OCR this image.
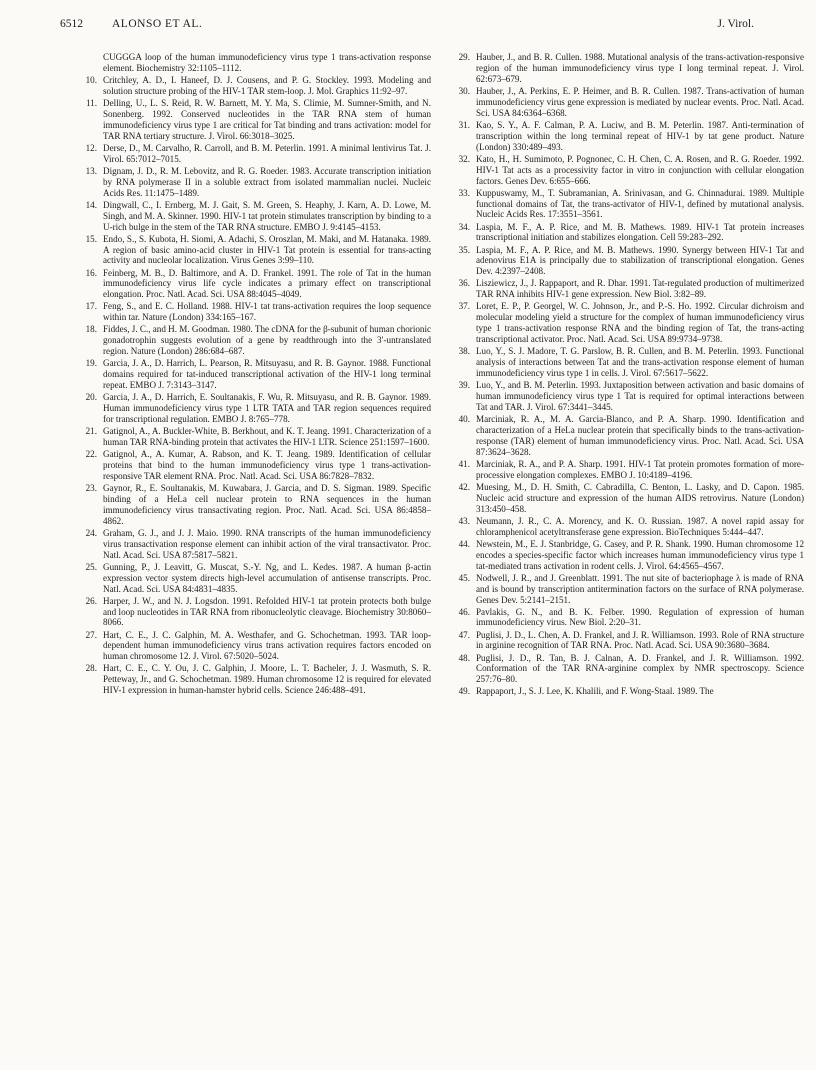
6512	ALONSO ET AL.	J. Virol.
CUGGGA loop of the human immunodeficiency virus type 1 trans-activation response element. Biochemistry 32:1105–1112.
10. Critchley, A. D., I. Haneef, D. J. Cousens, and P. G. Stockley. 1993. Modeling and solution structure probing of the HIV-1 TAR stem-loop. J. Mol. Graphics 11:92–97.
11. Delling, U., L. S. Reid, R. W. Barnett, M. Y. Ma, S. Climie, M. Sumner-Smith, and N. Sonenberg. 1992. Conserved nucleotides in the TAR RNA stem of human immunodeficiency virus type 1 are critical for Tat binding and trans activation: model for TAR RNA tertiary structure. J. Virol. 66:3018–3025.
12. Derse, D., M. Carvalho, R. Carroll, and B. M. Peterlin. 1991. A minimal lentivirus Tat. J. Virol. 65:7012–7015.
13. Dignam, J. D., R. M. Lebovitz, and R. G. Roeder. 1983. Accurate transcription initiation by RNA polymerase II in a soluble extract from isolated mammalian nuclei. Nucleic Acids Res. 11:1475–1489.
14. Dingwall, C., I. Ernberg, M. J. Gait, S. M. Green, S. Heaphy, J. Karn, A. D. Lowe, M. Singh, and M. A. Skinner. 1990. HIV-1 tat protein stimulates transcription by binding to a U-rich bulge in the stem of the TAR RNA structure. EMBO J. 9:4145–4153.
15. Endo, S., S. Kubota, H. Siomi, A. Adachi, S. Oroszlan, M. Maki, and M. Hatanaka. 1989. A region of basic amino-acid cluster in HIV-1 Tat protein is essential for trans-acting activity and nucleolar localization. Virus Genes 3:99–110.
16. Feinberg, M. B., D. Baltimore, and A. D. Frankel. 1991. The role of Tat in the human immunodeficiency virus life cycle indicates a primary effect on transcriptional elongation. Proc. Natl. Acad. Sci. USA 88:4045–4049.
17. Feng, S., and E. C. Holland. 1988. HIV-1 tat trans-activation requires the loop sequence within tar. Nature (London) 334:165–167.
18. Fiddes, J. C., and H. M. Goodman. 1980. The cDNA for the β-subunit of human chorionic gonadotrophin suggests evolution of a gene by readthrough into the 3′-untranslated region. Nature (London) 286:684–687.
19. Garcia, J. A., D. Harrich, L. Pearson, R. Mitsuyasu, and R. B. Gaynor. 1988. Functional domains required for tat-induced transcriptional activation of the HIV-1 long terminal repeat. EMBO J. 7:3143–3147.
20. Garcia, J. A., D. Harrich, E. Soultanakis, F. Wu, R. Mitsuyasu, and R. B. Gaynor. 1989. Human immunodeficiency virus type 1 LTR TATA and TAR region sequences required for transcriptional regulation. EMBO J. 8:765–778.
21. Gatignol, A., A. Buckler-White, B. Berkhout, and K. T. Jeang. 1991. Characterization of a human TAR RNA-binding protein that activates the HIV-1 LTR. Science 251:1597–1600.
22. Gatignol, A., A. Kumar, A. Rabson, and K. T. Jeang. 1989. Identification of cellular proteins that bind to the human immunodeficiency virus type 1 trans-activation-responsive TAR element RNA. Proc. Natl. Acad. Sci. USA 86:7828–7832.
23. Gaynor, R., E. Soultanakis, M. Kuwabara, J. Garcia, and D. S. Sigman. 1989. Specific binding of a HeLa cell nuclear protein to RNA sequences in the human immunodeficiency virus transactivating region. Proc. Natl. Acad. Sci. USA 86:4858–4862.
24. Graham, G. J., and J. J. Maio. 1990. RNA transcripts of the human immunodeficiency virus transactivation response element can inhibit action of the viral transactivator. Proc. Natl. Acad. Sci. USA 87:5817–5821.
25. Gunning, P., J. Leavitt, G. Muscat, S.-Y. Ng, and L. Kedes. 1987. A human β-actin expression vector system directs high-level accumulation of antisense transcripts. Proc. Natl. Acad. Sci. USA 84:4831–4835.
26. Harper, J. W., and N. J. Logsdon. 1991. Refolded HIV-1 tat protein protects both bulge and loop nucleotides in TAR RNA from ribonucleolytic cleavage. Biochemistry 30:8060–8066.
27. Hart, C. E., J. C. Galphin, M. A. Westhafer, and G. Schochetman. 1993. TAR loop-dependent human immunodeficiency virus trans activation requires factors encoded on human chromosome 12. J. Virol. 67:5020–5024.
28. Hart, C. E., C. Y. Ou, J. C. Galphin, J. Moore, L. T. Bacheler, J. J. Wasmuth, S. R. Petteway, Jr., and G. Schochetman. 1989. Human chromosome 12 is required for elevated HIV-1 expression in human-hamster hybrid cells. Science 246:488–491.
29. Hauber, J., and B. R. Cullen. 1988. Mutational analysis of the trans-activation-responsive region of the human immunodeficiency virus type I long terminal repeat. J. Virol. 62:673–679.
30. Hauber, J., A. Perkins, E. P. Heimer, and B. R. Cullen. 1987. Trans-activation of human immunodeficiency virus gene expression is mediated by nuclear events. Proc. Natl. Acad. Sci. USA 84:6364–6368.
31. Kao, S. Y., A. F. Calman, P. A. Luciw, and B. M. Peterlin. 1987. Anti-termination of transcription within the long terminal repeat of HIV-1 by tat gene product. Nature (London) 330:489–493.
32. Kato, H., H. Sumimoto, P. Pognonec, C. H. Chen, C. A. Rosen, and R. G. Roeder. 1992. HIV-1 Tat acts as a processivity factor in vitro in conjunction with cellular elongation factors. Genes Dev. 6:655–666.
33. Kuppuswamy, M., T. Subramanian, A. Srinivasan, and G. Chinnadurai. 1989. Multiple functional domains of Tat, the trans-activator of HIV-1, defined by mutational analysis. Nucleic Acids Res. 17:3551–3561.
34. Laspia, M. F., A. P. Rice, and M. B. Mathews. 1989. HIV-1 Tat protein increases transcriptional initiation and stabilizes elongation. Cell 59:283–292.
35. Laspia, M. F., A. P. Rice, and M. B. Mathews. 1990. Synergy between HIV-1 Tat and adenovirus E1A is principally due to stabilization of transcriptional elongation. Genes Dev. 4:2397–2408.
36. Lisziewicz, J., J. Rappaport, and R. Dhar. 1991. Tat-regulated production of multimerized TAR RNA inhibits HIV-1 gene expression. New Biol. 3:82–89.
37. Loret, E. P., P. Georgel, W. C. Johnson, Jr., and P.-S. Ho. 1992. Circular dichroism and molecular modeling yield a structure for the complex of human immunodeficiency virus type 1 trans-activation response RNA and the binding region of Tat, the trans-acting transcriptional activator. Proc. Natl. Acad. Sci. USA 89:9734–9738.
38. Luo, Y., S. J. Madore, T. G. Parslow, B. R. Cullen, and B. M. Peterlin. 1993. Functional analysis of interactions between Tat and the trans-activation response element of human immunodeficiency virus type 1 in cells. J. Virol. 67:5617–5622.
39. Luo, Y., and B. M. Peterlin. 1993. Juxtaposition between activation and basic domains of human immunodeficiency virus type 1 Tat is required for optimal interactions between Tat and TAR. J. Virol. 67:3441–3445.
40. Marciniak, R. A., M. A. Garcia-Blanco, and P. A. Sharp. 1990. Identification and characterization of a HeLa nuclear protein that specifically binds to the trans-activation-response (TAR) element of human immunodeficiency virus. Proc. Natl. Acad. Sci. USA 87:3624–3628.
41. Marciniak, R. A., and P. A. Sharp. 1991. HIV-1 Tat protein promotes formation of more-processive elongation complexes. EMBO J. 10:4189–4196.
42. Muesing, M., D. H. Smith, C. Cabradilla, C. Benton, L. Lasky, and D. Capon. 1985. Nucleic acid structure and expression of the human AIDS retrovirus. Nature (London) 313:450–458.
43. Neumann, J. R., C. A. Morency, and K. O. Russian. 1987. A novel rapid assay for chloramphenicol acetyltransferase gene expression. BioTechniques 5:444–447.
44. Newstein, M., E. J. Stanbridge, G. Casey, and P. R. Shank. 1990. Human chromosome 12 encodes a species-specific factor which increases human immunodeficiency virus type 1 tat-mediated trans activation in rodent cells. J. Virol. 64:4565–4567.
45. Nodwell, J. R., and J. Greenblatt. 1991. The nut site of bacteriophage λ is made of RNA and is bound by transcription antitermination factors on the surface of RNA polymerase. Genes Dev. 5:2141–2151.
46. Pavlakis, G. N., and B. K. Felber. 1990. Regulation of expression of human immunodeficiency virus. New Biol. 2:20–31.
47. Puglisi, J. D., L. Chen, A. D. Frankel, and J. R. Williamson. 1993. Role of RNA structure in arginine recognition of TAR RNA. Proc. Natl. Acad. Sci. USA 90:3680–3684.
48. Puglisi, J. D., R. Tan, B. J. Calnan, A. D. Frankel, and J. R. Williamson. 1992. Conformation of the TAR RNA-arginine complex by NMR spectroscopy. Science 257:76–80.
49. Rappaport, J., S. J. Lee, K. Khalili, and F. Wong-Staal. 1989. The
